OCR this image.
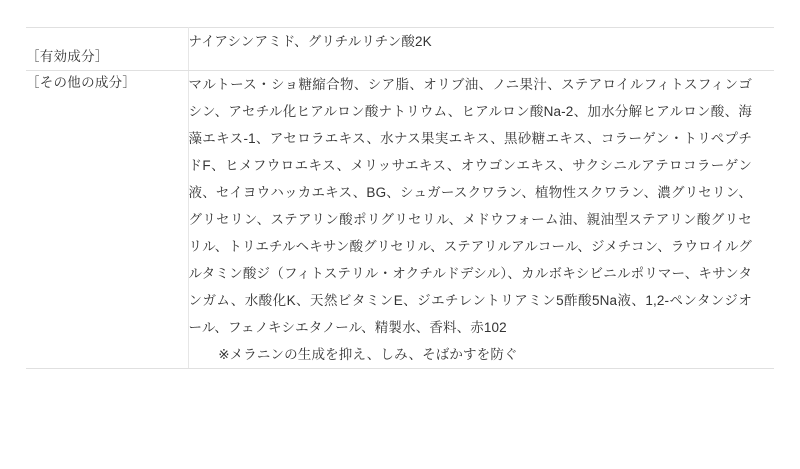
［有効成分］	ナイアシンアミド、グリチルリチン酸2K

［その他の成分］	マルトース・ショ糖縮合物、シア脂、オリブ油、ノニ果汁、ステアロイルフィトスフィンゴシン、アセチル化ヒアルロン酸ナトリウム、ヒアルロン酸Na-2、加水分解ヒアルロン酸、海藻エキス-1、アセロラエキス、水ナス果実エキス、黒砂糖エキス、コラーゲン・トリペプチドF、ヒメフウロエキス、メリッサエキス、オウゴンエキス、サクシニルアテロコラーゲン液、セイヨウハッカエキス、BG、シュガースクワラン、植物性スクワラン、濃グリセリン、グリセリン、ステアリン酸ポリグリセリル、メドウフォーム油、親油型ステアリン酸グリセリル、トリエチルヘキサン酸グリセリル、ステアリルアルコール、ジメチコン、ラウロイルグルタミン酸ジ（フィトステリル・オクチルドデシル）、カルボキシビニルポリマー、キサンタンガム、水酸化K、天然ビタミンE、ジエチレントリアミン5酢酸5Na液、1,2-ペンタンジオール、フェノキシエタノール、精製水、香料、赤102
※メラニンの生成を抑え、しみ、そばかすを防ぐ
